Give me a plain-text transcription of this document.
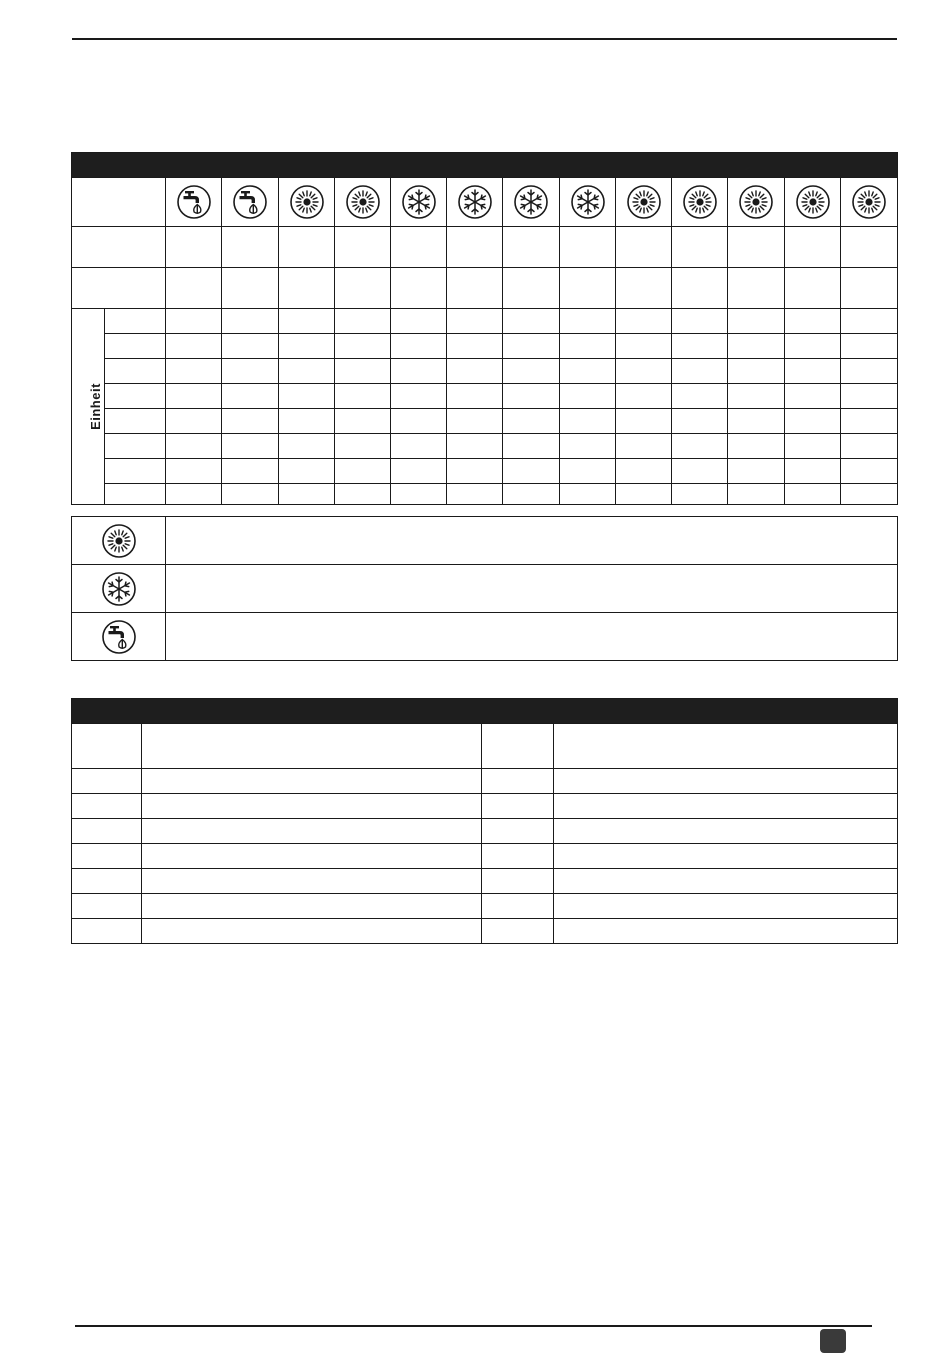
Einheit														
